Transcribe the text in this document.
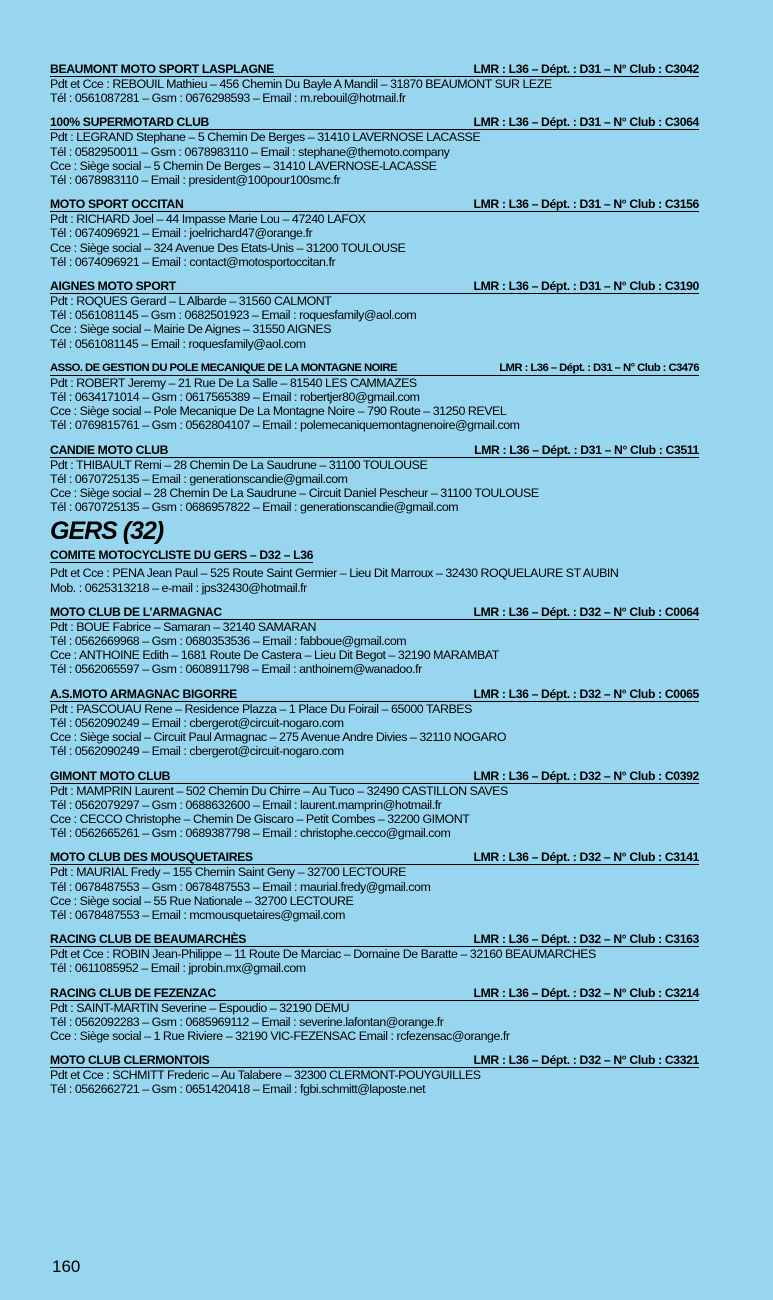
BEAUMONT MOTO SPORT LASPLAGNE	LMR : L36 – Dépt. : D31 – N° Club : C3042
Pdt et Cce : REBOUIL Mathieu – 456 Chemin Du Bayle A Mandil – 31870 BEAUMONT SUR LEZE
Tél : 0561087281 – Gsm : 0676298593 – Email : m.rebouil@hotmail.fr
100% SUPERMOTARD CLUB	LMR : L36 – Dépt. : D31 – N° Club : C3064
Pdt : LEGRAND Stephane – 5 Chemin De Berges – 31410 LAVERNOSE LACASSE
Tél : 0582950011 – Gsm : 0678983110 – Email : stephane@themoto.company
Cce : Siège social – 5 Chemin De Berges – 31410 LAVERNOSE-LACASSE
Tél : 0678983110 – Email : president@100pour100smc.fr
MOTO SPORT OCCITAN	LMR : L36 – Dépt. : D31 – N° Club : C3156
Pdt : RICHARD Joel – 44 Impasse Marie Lou – 47240 LAFOX
Tél : 0674096921 – Email : joelrichard47@orange.fr
Cce : Siège social – 324 Avenue Des Etats-Unis – 31200 TOULOUSE
Tél : 0674096921 – Email : contact@motosportoccitan.fr
AIGNES MOTO SPORT	LMR : L36 – Dépt. : D31 – N° Club : C3190
Pdt : ROQUES Gerard – L Albarde – 31560 CALMONT
Tél : 0561081145 – Gsm : 0682501923 – Email : roquesfamily@aol.com
Cce : Siège social – Mairie De Aignes – 31550 AIGNES
Tél : 0561081145 – Email : roquesfamily@aol.com
ASSO. DE GESTION DU POLE MECANIQUE DE LA MONTAGNE NOIRE	LMR : L36 – Dépt. : D31 – N° Club : C3476
Pdt : ROBERT Jeremy – 21 Rue De La Salle – 81540 LES CAMMAZES
Tél : 0634171014 – Gsm : 0617565389 – Email : robertjer80@gmail.com
Cce : Siège social – Pole Mecanique De La Montagne Noire – 790 Route – 31250 REVEL
Tél : 0769815761 – Gsm : 0562804107 – Email : polemecaniquemontagnenoire@gmail.com
CANDIE MOTO CLUB	LMR : L36 – Dépt. : D31 – N° Club : C3511
Pdt : THIBAULT Remi – 28 Chemin De La Saudrune – 31100 TOULOUSE
Tél : 0670725135 – Email : generationscandie@gmail.com
Cce : Siège social – 28 Chemin De La Saudrune – Circuit Daniel Pescheur – 31100 TOULOUSE
Tél : 0670725135 – Gsm : 0686957822 – Email : generationscandie@gmail.com
GERS (32)
COMITE MOTOCYCLISTE DU GERS – D32 – L36
Pdt et Cce : PENA Jean Paul – 525 Route Saint Germier – Lieu Dit Marroux – 32430 ROQUELAURE ST AUBIN
Mob. : 0625313218 – e-mail : jps32430@hotmail.fr
MOTO CLUB DE L’ARMAGNAC	LMR : L36 – Dépt. : D32 – N° Club : C0064
Pdt : BOUE Fabrice – Samaran – 32140 SAMARAN
Tél : 0562669968 – Gsm : 0680353536 – Email : fabboue@gmail.com
Cce : ANTHOINE Edith – 1681 Route De Castera – Lieu Dit Begot – 32190 MARAMBAT
Tél : 0562065597 – Gsm : 0608911798 – Email : anthoinem@wanadoo.fr
A.S.MOTO ARMAGNAC BIGORRE	LMR : L36 – Dépt. : D32 – N° Club : C0065
Pdt : PASCOUAU Rene – Residence Plazza – 1 Place Du Foirail – 65000 TARBES
Tél : 0562090249 – Email : cbergerot@circuit-nogaro.com
Cce : Siège social – Circuit Paul Armagnac – 275 Avenue Andre Divies – 32110 NOGARO
Tél : 0562090249 – Email : cbergerot@circuit-nogaro.com
GIMONT MOTO CLUB	LMR : L36 – Dépt. : D32 – N° Club : C0392
Pdt : MAMPRIN Laurent – 502 Chemin Du Chirre – Au Tuco – 32490 CASTILLON SAVES
Tél : 0562079297 – Gsm : 0688632600 – Email : laurent.mamprin@hotmail.fr
Cce : CECCO Christophe – Chemin De Giscaro – Petit Combes – 32200 GIMONT
Tél : 0562665261 – Gsm : 0689387798 – Email : christophe.cecco@gmail.com
MOTO CLUB DES MOUSQUETAIRES	LMR : L36 – Dépt. : D32 – N° Club : C3141
Pdt : MAURIAL Fredy – 155 Chemin Saint Geny – 32700 LECTOURE
Tél : 0678487553 – Gsm : 0678487553 – Email : maurial.fredy@gmail.com
Cce : Siège social – 55 Rue Nationale – 32700 LECTOURE
Tél : 0678487553 – Email : mcmousquetaires@gmail.com
RACING CLUB DE BEAUMARCHÈS	LMR : L36 – Dépt. : D32 – N° Club : C3163
Pdt et Cce : ROBIN Jean-Philippe – 11 Route De Marciac – Domaine De Baratte – 32160 BEAUMARCHES
Tél : 0611085952 – Email : jprobin.mx@gmail.com
RACING CLUB DE FEZENZAC	LMR : L36 – Dépt. : D32 – N° Club : C3214
Pdt : SAINT-MARTIN Severine – Espoudio – 32190 DEMU
Tél : 0562092283 – Gsm : 0685969112 – Email : severine.lafontan@orange.fr
Cce : Siège social – 1 Rue Riviere – 32190 VIC-FEZENSAC Email : rcfezensac@orange.fr
MOTO CLUB CLERMONTOIS	LMR : L36 – Dépt. : D32 – N° Club : C3321
Pdt et Cce : SCHMITT Frederic – Au Talabere – 32300 CLERMONT-POUYGUILLES
Tél : 0562662721 – Gsm : 0651420418 – Email : fgbi.schmitt@laposte.net
160
